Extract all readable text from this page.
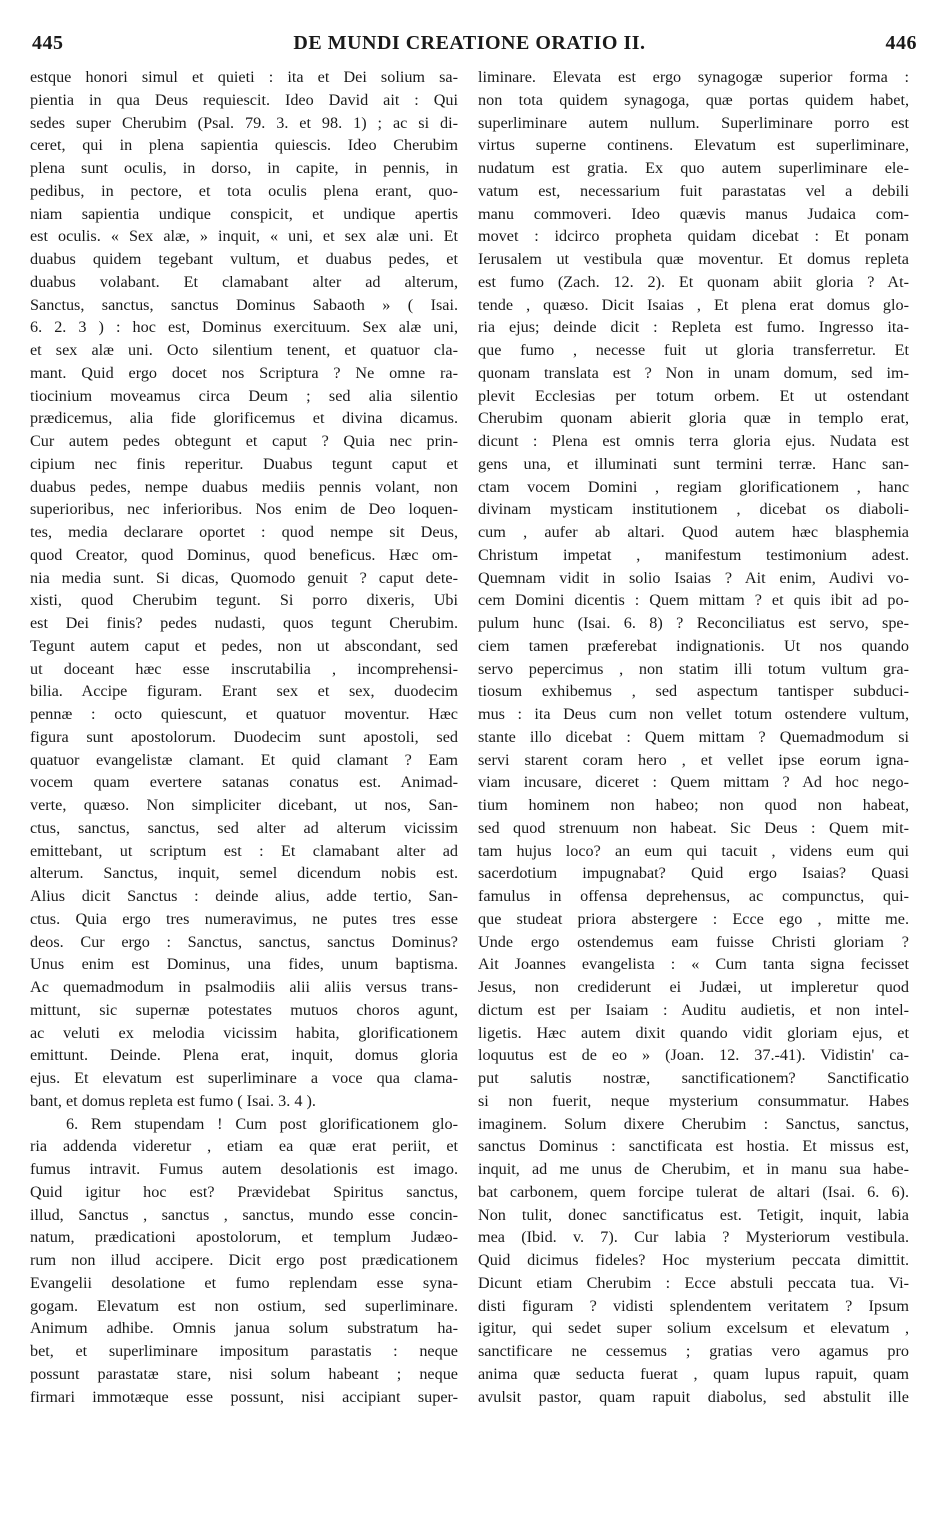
445	DE MUNDI CREATIONE ORATIO II.	446
estque honori simul et quieti : ita et Dei solium sa-
pientia in qua Deus requiescit. Ideo David ait : Qui
sedes super Cherubim (Psal. 79. 3. et 98. 1) ; ac si di-
ceret, qui in plena sapientia quiescis. Ideo Cherubim
plena sunt oculis, in dorso, in capite, in pennis, in
pedibus, in pectore, et tota oculis plena erant, quo-
niam sapientia undique conspicit, et undique apertis
est oculis. « Sex alæ, » inquit, « uni, et sex alæ uni. Et
duabus quidem tegebant vultum, et duabus pedes, et
duabus volabant. Et clamabant alter ad alterum,
Sanctus, sanctus, sanctus Dominus Sabaoth » ( Isai.
6. 2. 3 ) : hoc est, Dominus exercituum. Sex alæ uni,
et sex alæ uni. Octo silentium tenent, et quatuor cla-
mant. Quid ergo docet nos Scriptura ? Ne omne ra-
tiocinium moveamus circa Deum ; sed alia silentio
prædicemus, alia fide glorificemus et divina dicamus.
Cur autem pedes obtegunt et caput ? Quia nec prin-
cipium nec finis reperitur. Duabus tegunt caput et
duabus pedes, nempe duabus mediis pennis volant, non
superioribus, nec inferioribus. Nos enim de Deo loquen-
tes, media declarare oportet : quod nempe sit Deus,
quod Creator, quod Dominus, quod beneficus. Hæc om-
nia media sunt. Si dicas, Quomodo genuit ? caput dete-
xisti, quod Cherubim tegunt. Si porro dixeris, Ubi
est Dei finis? pedes nudasti, quos tegunt Cherubim.
Tegunt autem caput et pedes, non ut abscondant, sed
ut doceant hæc esse inscrutabilia , incomprehensi-
bilia. Accipe figuram. Erant sex et sex, duodecim
pennæ : octo quiescunt, et quatuor moventur. Hæc
figura sunt apostolorum. Duodecim sunt apostoli, sed
quatuor evangelistæ clamant. Et quid clamant ? Eam
vocem quam evertere satanas conatus est. Animad-
verte, quæso. Non simpliciter dicebant, ut nos, San-
ctus, sanctus, sanctus, sed alter ad alterum vicissim
emittebant, ut scriptum est : Et clamabant alter ad
alterum. Sanctus, inquit, semel dicendum nobis est.
Alius dicit Sanctus : deinde alius, adde tertio, San-
ctus. Quia ergo tres numeravimus, ne putes tres esse
deos. Cur ergo : Sanctus, sanctus, sanctus Dominus?
Unus enim est Dominus, una fides, unum baptisma.
Ac quemadmodum in psalmodiis alii aliis versus trans-
mittunt, sic supernæ potestates mutuos choros agunt,
ac veluti ex melodia vicissim habita, glorificationem
emittunt. Deinde. Plena erat, inquit, domus gloria
ejus. Et elevatum est superliminare a voce qua clama-
bant, et domus repleta est fumo ( Isai. 3. 4 ).
6. Rem stupendam ! Cum post glorificationem glo-
ria addenda videretur , etiam ea quæ erat periit, et
fumus intravit. Fumus autem desolationis est imago.
Quid igitur hoc est? Prævidebat Spiritus sanctus,
illud, Sanctus , sanctus , sanctus, mundo esse concin-
natum, prædicationi apostolorum, et templum Judæo-
rum non illud accipere. Dicit ergo post prædicationem
Evangelii desolatione et fumo replendam esse syna-
gogam. Elevatum est non ostium, sed superliminare.
Animum adhibe. Omnis janua solum substratum ha-
bet, et superliminare impositum parastatis : neque
possunt parastatæ stare, nisi solum habeant ; neque
firmari immotæque esse possunt, nisi accipiant super-
liminare. Elevata est ergo synagogæ superior forma :
non tota quidem synagoga, quæ portas quidem habet,
superliminare autem nullum. Superliminare porro est
virtus superne continens. Elevatum est superliminare,
nudatum est gratia. Ex quo autem superliminare ele-
vatum est, necessarium fuit parastatas vel a debili
manu commoveri. Ideo quævis manus Judaica com-
movet : idcirco propheta quidam dicebat : Et ponam
Ierusalem ut vestibula quæ moventur. Et domus repleta
est fumo (Zach. 12. 2). Et quonam abiit gloria ? At-
tende , quæso. Dicit Isaias , Et plena erat domus glo-
ria ejus; deinde dicit : Repleta est fumo. Ingresso ita-
que fumo , necesse fuit ut gloria transferretur. Et
quonam translata est ? Non in unam domum, sed im-
plevit Ecclesias per totum orbem. Et ut ostendant
Cherubim quonam abierit gloria quæ in templo erat,
dicunt : Plena est omnis terra gloria ejus. Nudata est
gens una, et illuminati sunt termini terræ. Hanc san-
ctam vocem Domini , regiam glorificationem , hanc
divinam mysticam institutionem , dicebat os diaboli-
cum , aufer ab altari. Quod autem hæc blasphemia
Christum impetat , manifestum testimonium adest.
Quemnam vidit in solio Isaias ? Ait enim, Audivi vo-
cem Domini dicentis : Quem mittam ? et quis ibit ad po-
pulum hunc (Isai. 6. 8) ? Reconciliatus est servo, spe-
ciem tamen præferebat indignationis. Ut nos quando
servo pepercimus , non statim illi totum vultum gra-
tiosum exhibemus , sed aspectum tantisper subduci-
mus : ita Deus cum non vellet totum ostendere vultum,
stante illo dicebat : Quem mittam ? Quemadmodum si
servi starent coram hero , et vellet ipse eorum igna-
viam incusare, diceret : Quem mittam ? Ad hoc nego-
tium hominem non habeo; non quod non habeat,
sed quod strenuum non habeat. Sic Deus : Quem mit-
tam hujus loco? an eum qui tacuit , videns eum qui
sacerdotium impugnabat? Quid ergo Isaias? Quasi
famulus in offensa deprehensus, ac compunctus, qui-
que studeat priora abstergere : Ecce ego , mitte me.
Unde ergo ostendemus eam fuisse Christi gloriam ?
Ait Joannes evangelista : « Cum tanta signa fecisset
Jesus, non crediderunt ei Judæi, ut impleretur quod
dictum est per Isaiam : Auditu audietis, et non intel-
ligetis. Hæc autem dixit quando vidit gloriam ejus, et
loquutus est de eo » (Joan. 12. 37.-41). Vidistin' ca-
put salutis nostræ, sanctificationem? Sanctificatio
si non fuerit, neque mysterium consummatur. Habes
imaginem. Solum dixere Cherubim : Sanctus, sanctus,
sanctus Dominus : sanctificata est hostia. Et missus est,
inquit, ad me unus de Cherubim, et in manu sua habe-
bat carbonem, quem forcipe tulerat de altari (Isai. 6. 6).
Non tulit, donec sanctificatus est. Tetigit, inquit, labia
mea (Ibid. v. 7). Cur labia ? Mysteriorum vestibula.
Quid dicimus fideles? Hoc mysterium peccata dimittit.
Dicunt etiam Cherubim : Ecce abstuli peccata tua. Vi-
disti figuram ? vidisti splendentem veritatem ? Ipsum
igitur, qui sedet super solium excelsum et elevatum ,
sanctificare ne cessemus ; gratias vero agamus pro
anima quæ seducta fuerat , quam lupus rapuit, quam
avulsit pastor, quam rapuit diabolus, sed abstulit ille
